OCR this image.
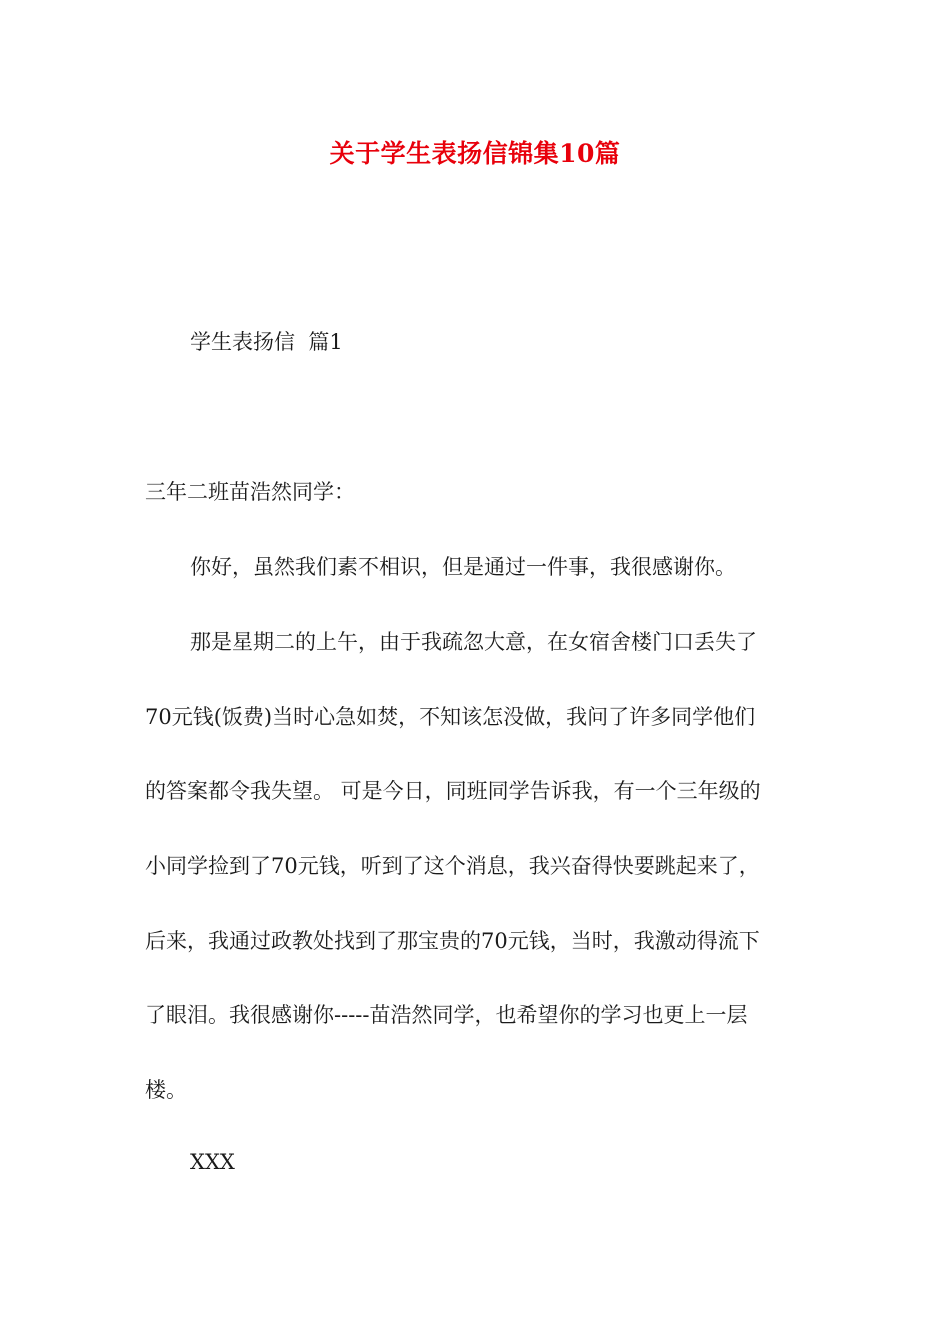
关于学生表扬信锦集10篇

学生表扬信  篇1

三年二班苗浩然同学：

你好，虽然我们素不相识，但是通过一件事，我很感谢你。

那是星期二的上午，由于我疏忽大意，在女宿舍楼门口丢失了

70元钱(饭费)当时心急如焚，不知该怎没做，我问了许多同学他们

的答案都令我失望。 可是今日，同班同学告诉我，有一个三年级的

小同学捡到了70元钱，听到了这个消息，我兴奋得快要跳起来了，

后来，我通过政教处找到了那宝贵的70元钱，当时，我激动得流下

了眼泪。我很感谢你-----苗浩然同学，也希望你的学习也更上一层

楼。

XXX
